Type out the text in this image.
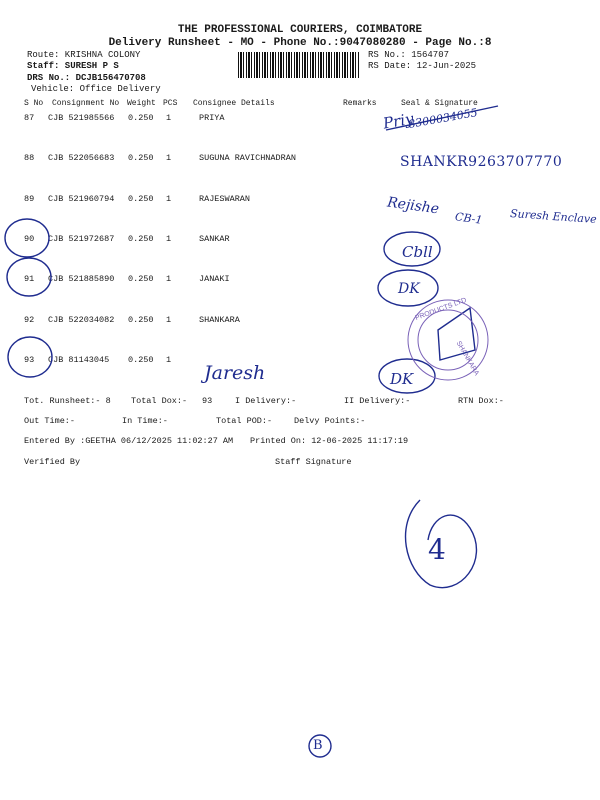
THE PROFESSIONAL COURIERS, COIMBATORE
Delivery Runsheet - MO - Phone No.:9047080280 - Page No.:8
Route: KRISHNA COLONY
Staff: SURESH P S
DRS No.: DCJB156470708
Vehicle: Office Delivery
RS No.: 1564707
RS Date: 12-Jun-2025
S No Consignment No Weight PCS Consignee Details	Remarks	Seal & Signature
87 CJB 521985566 0.250 1	PRIYA
88 CJB 522056683 0.250 1	SUGUNA RAVICHNADRAN
89 CJB 521960794 0.250 1	RAJESWARAN
90 CJB 521972687 0.250 1	SANKAR
91 CJB 521885890 0.250 1	JANAKI
92 CJB 522034082 0.250 1	SHANKARA
93 CJB 81143045 0.250 1
Tot. Runsheet:- 8 Total Dox:- 93	I Delivery:-	II Delivery:-	RTN Dox:-
Out Time:-	In Time:-	Total POD:-	Delvy Points:-
Entered By :GEETHA 06/12/2025 11:02:27 AM Printed On: 12-06-2025 11:17:19
Verified By	Staff Signature
Priy
8300034055
SHANKR9263707770
Rejishe
CB-1 Suresh Enclave
Cbll
DK
Jaresh	DK
4
B
PRODUCTS LTD
SHANKARA
